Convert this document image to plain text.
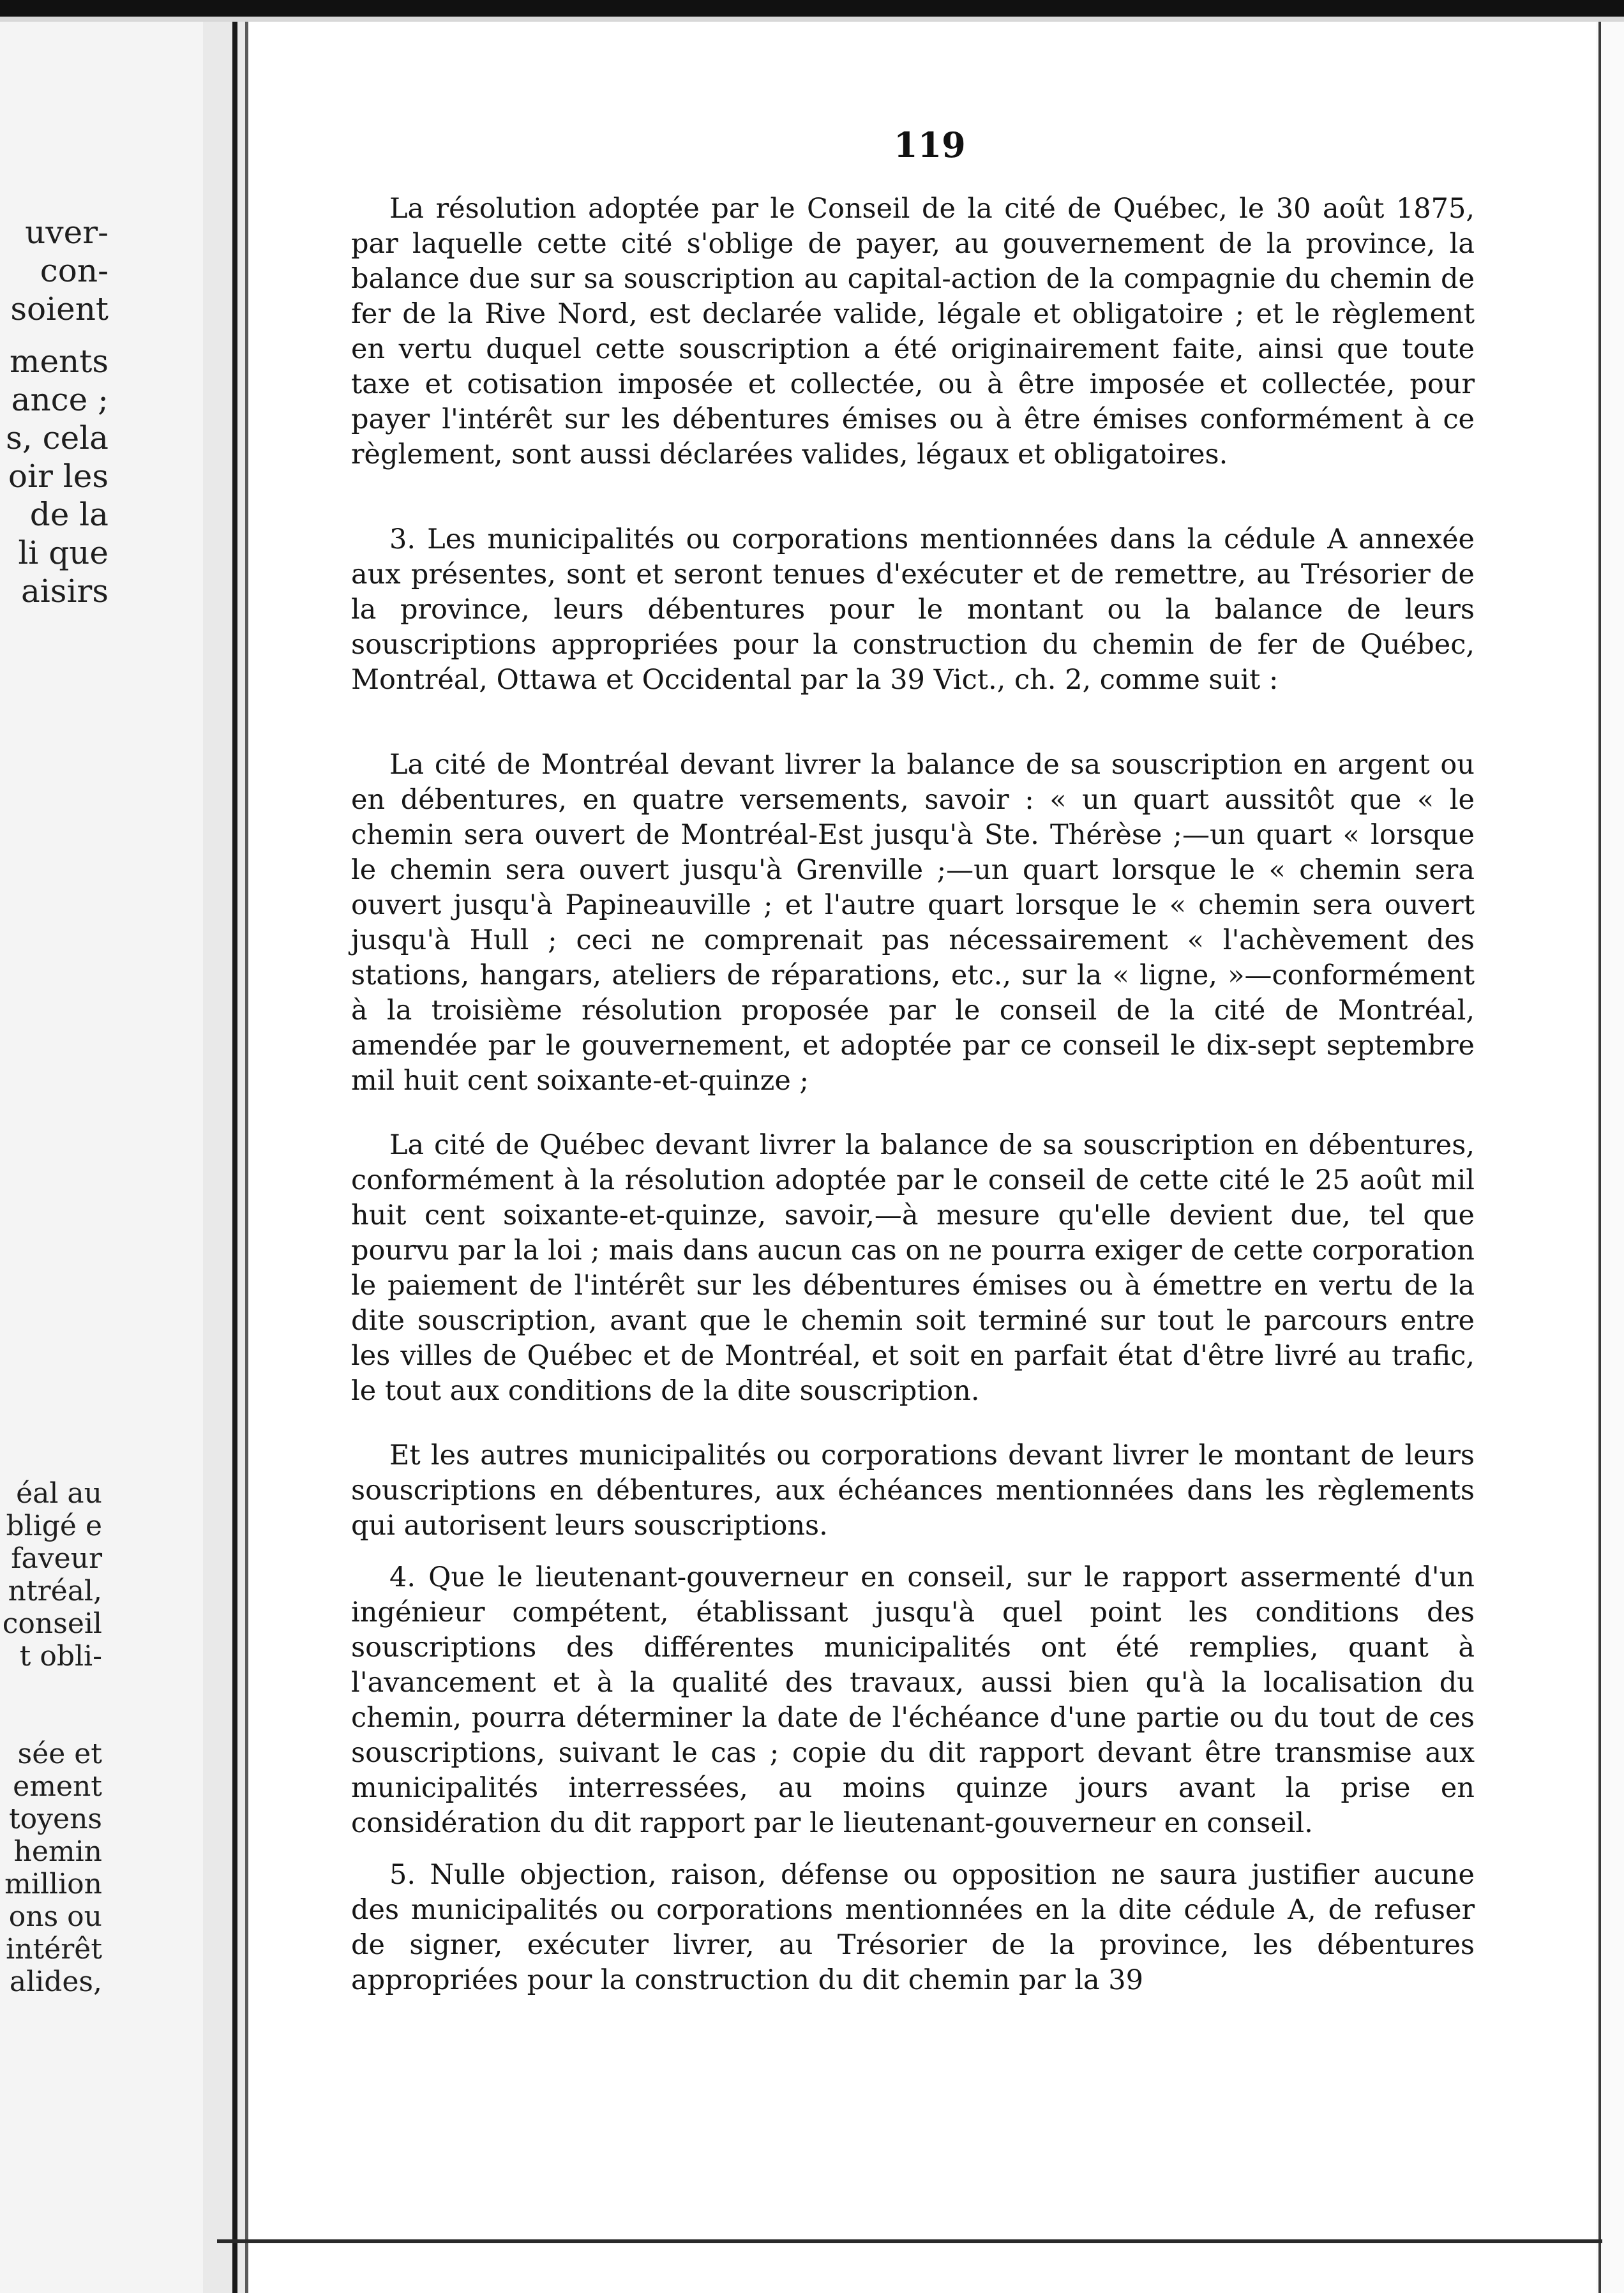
uver-
con-
soient
ments
ance ;
s, cela
oir les
de la
li que
aisirs
éal au
bligé e
faveur
ntréal,
conseil
t obli-
sée et
ement
toyens
hemin
million
ons ou
intérêt
alides,
119

La résolution adoptée par le Conseil de la cité de Québec, le 30 août 1875, par laquelle cette cité s'oblige de payer, au gouvernement de la province, la balance due sur sa souscription au capital-action de la compagnie du chemin de fer de la Rive Nord, est declarée valide, légale et obligatoire ; et le règlement en vertu duquel cette souscription a été originairement faite, ainsi que toute taxe et cotisation imposée et collectée, ou à être imposée et collectée, pour payer l'intérêt sur les débentures émises ou à être émises conformément à ce règlement, sont aussi déclarées valides, légaux et obligatoires.

3. Les municipalités ou corporations mentionnées dans la cédule A annexée aux présentes, sont et seront tenues d'exécuter et de remettre, au Trésorier de la province, leurs débentures pour le montant ou la balance de leurs souscriptions appropriées pour la construction du chemin de fer de Québec, Montréal, Ottawa et Occidental par la 39 Vict., ch. 2, comme suit :

La cité de Montréal devant livrer la balance de sa souscription en argent ou en débentures, en quatre versements, savoir : « un quart aussitôt que « le chemin sera ouvert de Montréal-Est jusqu'à Ste. Thérèse ;—un quart « lorsque le chemin sera ouvert jusqu'à Grenville ;—un quart lorsque le « chemin sera ouvert jusqu'à Papineauville ; et l'autre quart lorsque le « chemin sera ouvert jusqu'à Hull ; ceci ne comprenait pas nécessairement « l'achèvement des stations, hangars, ateliers de réparations, etc., sur la « ligne, »—conformément à la troisième résolution proposée par le conseil de la cité de Montréal, amendée par le gouvernement, et adoptée par ce conseil le dix-sept septembre mil huit cent soixante-et-quinze ;

La cité de Québec devant livrer la balance de sa souscription en débentures, conformément à la résolution adoptée par le conseil de cette cité le 25 août mil huit cent soixante-et-quinze, savoir,—à mesure qu'elle devient due, tel que pourvu par la loi ; mais dans aucun cas on ne pourra exiger de cette corporation le paiement de l'intérêt sur les débentures émises ou à émettre en vertu de la dite souscription, avant que le chemin soit terminé sur tout le parcours entre les villes de Québec et de Montréal, et soit en parfait état d'être livré au trafic, le tout aux conditions de la dite souscription.

Et les autres municipalités ou corporations devant livrer le montant de leurs souscriptions en débentures, aux échéances mentionnées dans les règlements qui autorisent leurs souscriptions.

4. Que le lieutenant-gouverneur en conseil, sur le rapport assermenté d'un ingénieur compétent, établissant jusqu'à quel point les conditions des souscriptions des différentes municipalités ont été remplies, quant à l'avancement et à la qualité des travaux, aussi bien qu'à la localisation du chemin, pourra déterminer la date de l'échéance d'une partie ou du tout de ces souscriptions, suivant le cas ; copie du dit rapport devant être transmise aux municipalités interressées, au moins quinze jours avant la prise en considération du dit rapport par le lieutenant-gouverneur en conseil.

5. Nulle objection, raison, défense ou opposition ne saura justifier aucune des municipalités ou corporations mentionnées en la dite cédule A, de refuser de signer, exécuter livrer, au Trésorier de la province, les débentures appropriées pour la construction du dit chemin par la 39
